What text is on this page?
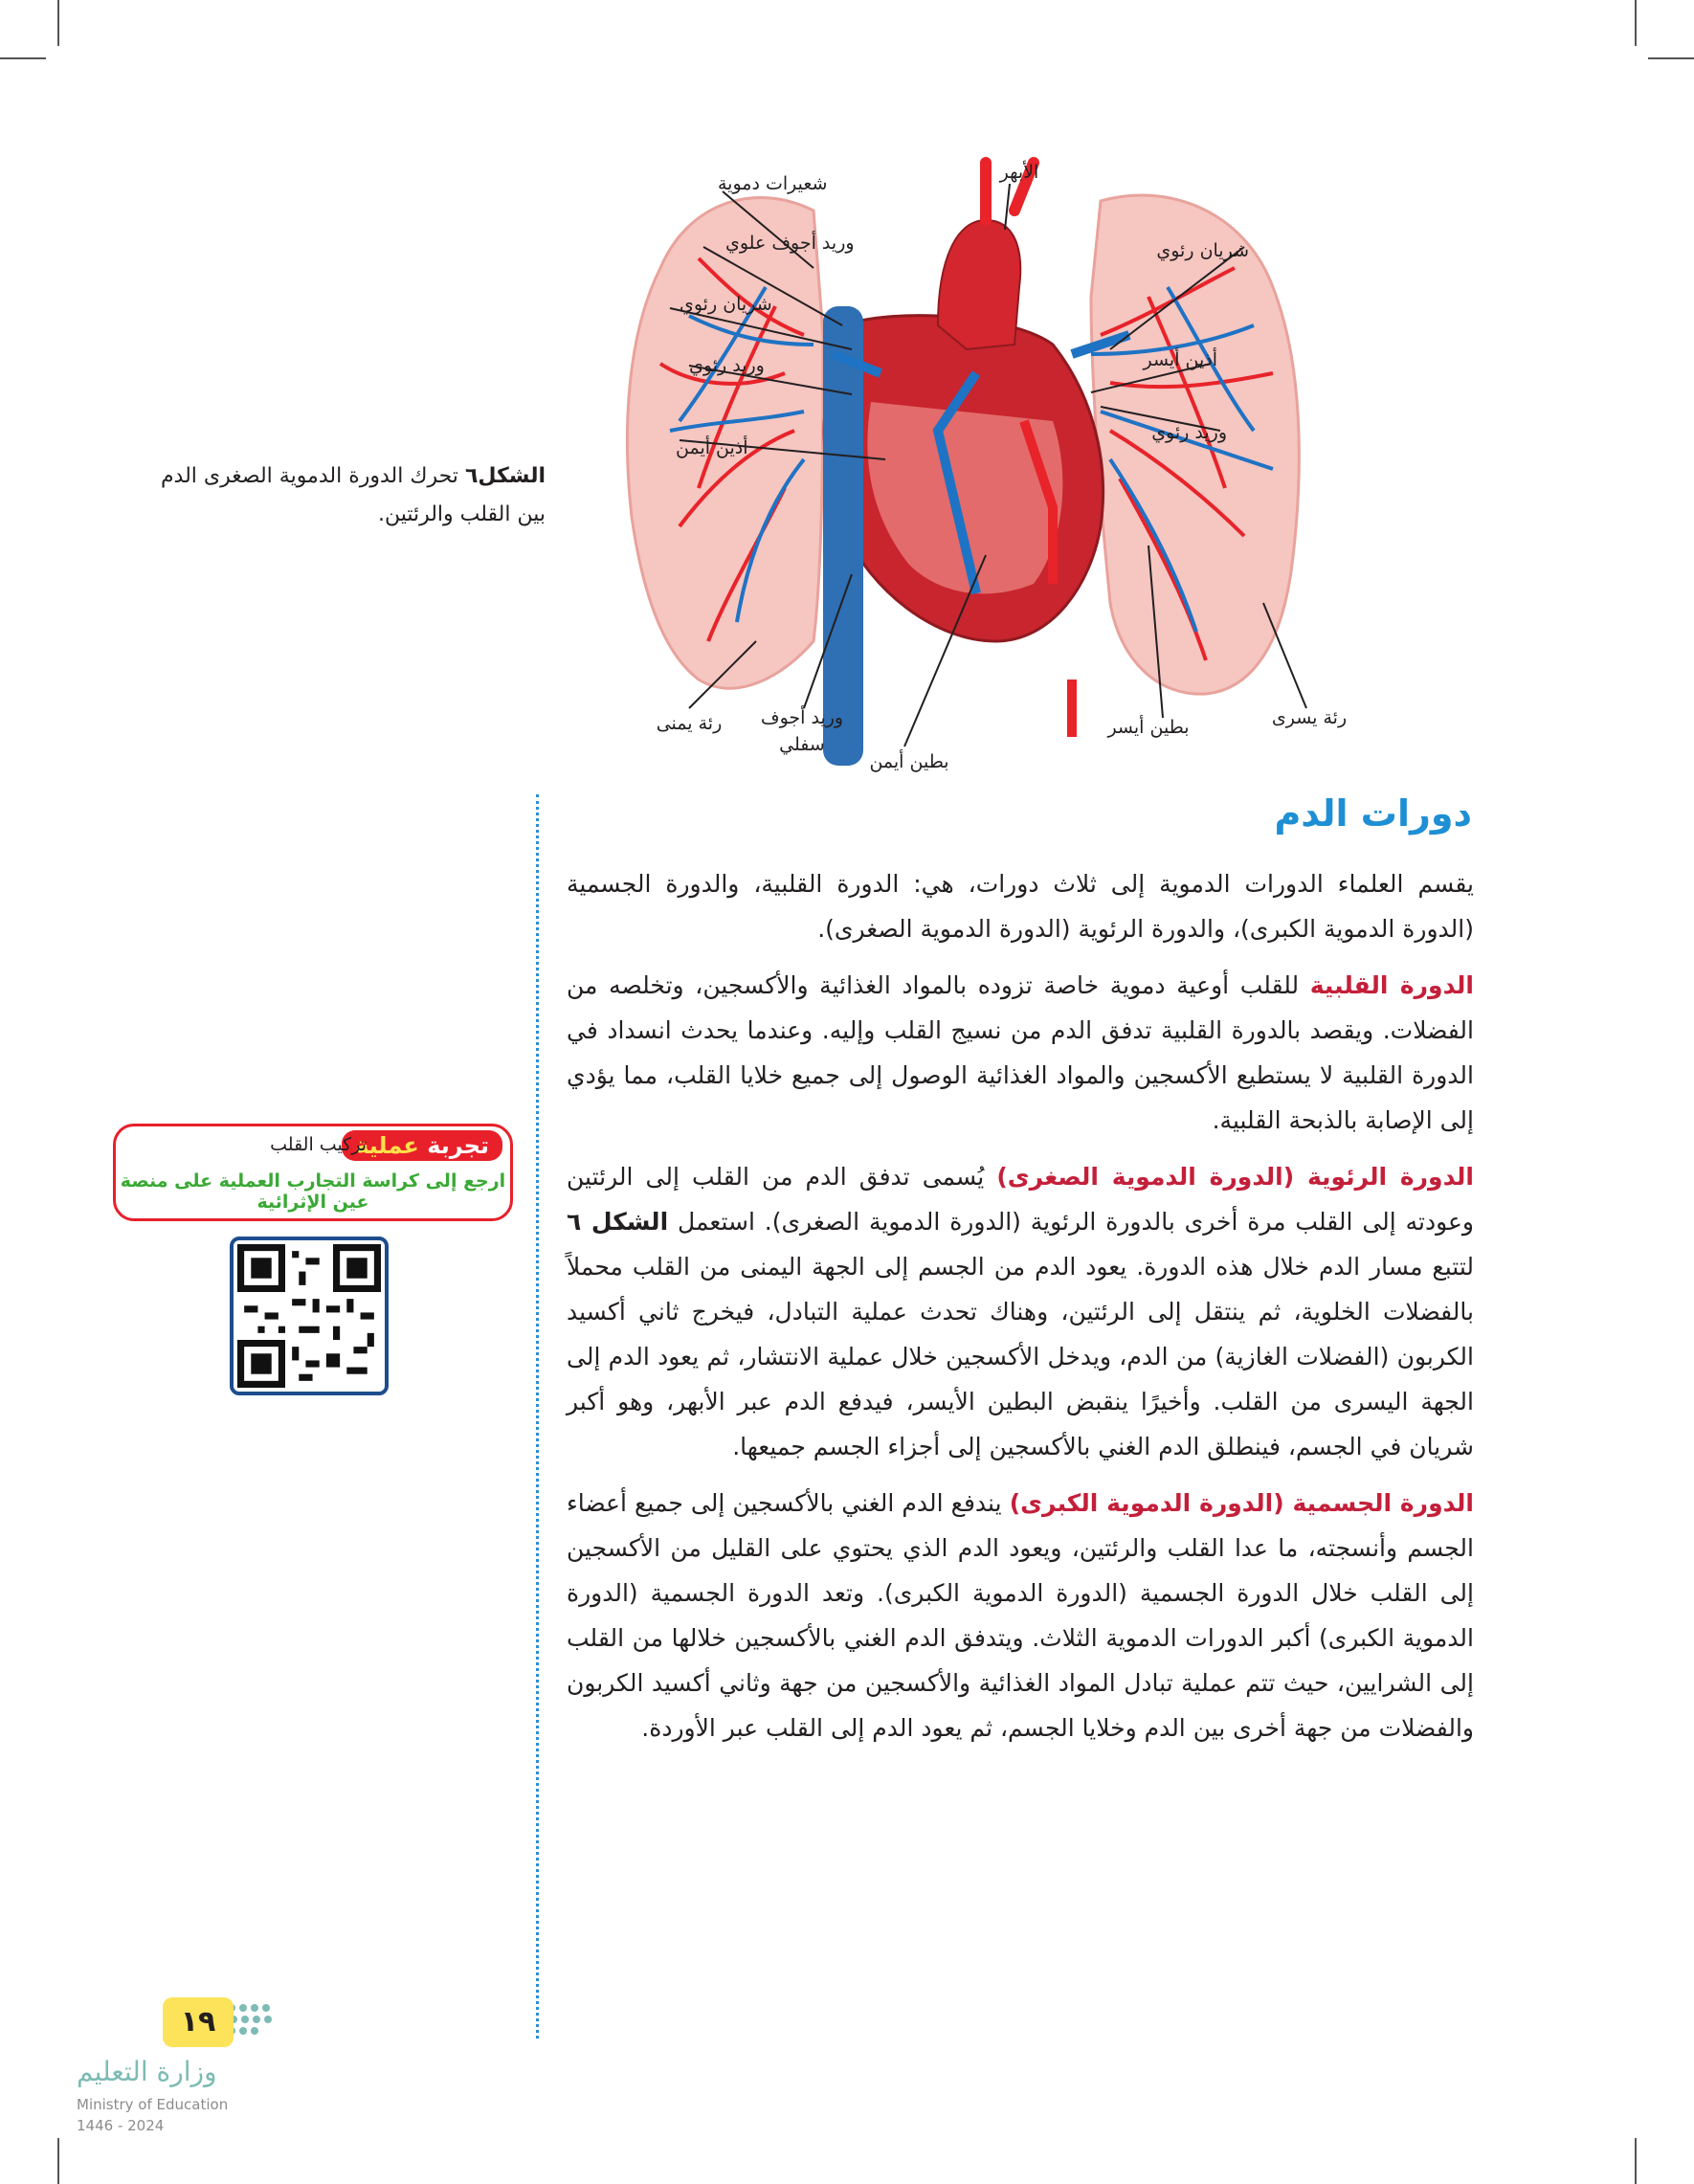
شعيرات دموية
وريد أجوف علوي
شريان رئوي
وريد رئوي
أذين أيمن
الأبهر
شريان رئوي
أذين أيسر
وريد رئوي
رئة يمنى وريد أجوف
سفلي
بطين أيمن
بطين أيسر	رئة يسرى
الشكل٦ تحرك الدورة الدموية الصغرى الدم بين القلب والرئتين.
تجربة عملية
تركيب القلب
ارجع إلى كراسة التجارب العملية على منصة عين الإثرائية
دورات الدم

يقسم العلماء الدورات الدموية إلى ثلاث دورات، هي: الدورة القلبية، والدورة الجسمية (الدورة الدموية الكبرى)، والدورة الرئوية (الدورة الدموية الصغرى).

الدورة القلبية للقلب أوعية دموية خاصة تزوده بالمواد الغذائية والأكسجين، وتخلصه من الفضلات. ويقصد بالدورة القلبية تدفق الدم من نسيج القلب وإليه. وعندما يحدث انسداد في الدورة القلبية لا يستطيع الأكسجين والمواد الغذائية الوصول إلى جميع خلايا القلب، مما يؤدي إلى الإصابة بالذبحة القلبية.

الدورة الرئوية (الدورة الدموية الصغرى) يُسمى تدفق الدم من القلب إلى الرئتين وعودته إلى القلب مرة أخرى بالدورة الرئوية (الدورة الدموية الصغرى). استعمل الشكل ٦ لتتبع مسار الدم خلال هذه الدورة. يعود الدم من الجسم إلى الجهة اليمنى من القلب محملاً بالفضلات الخلوية، ثم ينتقل إلى الرئتين، وهناك تحدث عملية التبادل، فيخرج ثاني أكسيد الكربون (الفضلات الغازية) من الدم، ويدخل الأكسجين خلال عملية الانتشار، ثم يعود الدم إلى الجهة اليسرى من القلب. وأخيرًا ينقبض البطين الأيسر، فيدفع الدم عبر الأبهر، وهو أكبر شريان في الجسم، فينطلق الدم الغني بالأكسجين إلى أجزاء الجسم جميعها.

الدورة الجسمية (الدورة الدموية الكبرى) يندفع الدم الغني بالأكسجين إلى جميع أعضاء الجسم وأنسجته، ما عدا القلب والرئتين، ويعود الدم الذي يحتوي على القليل من الأكسجين إلى القلب خلال الدورة الجسمية (الدورة الدموية الكبرى). وتعد الدورة الجسمية (الدورة الدموية الكبرى) أكبر الدورات الدموية الثلاث. ويتدفق الدم الغني بالأكسجين خلالها من القلب إلى الشرايين، حيث تتم عملية تبادل المواد الغذائية والأكسجين من جهة وثاني أكسيد الكربون والفضلات من جهة أخرى بين الدم وخلايا الجسم، ثم يعود الدم إلى القلب عبر الأوردة.

وزارة التعليم
Ministry of Education
2024 - 1446
١٩
